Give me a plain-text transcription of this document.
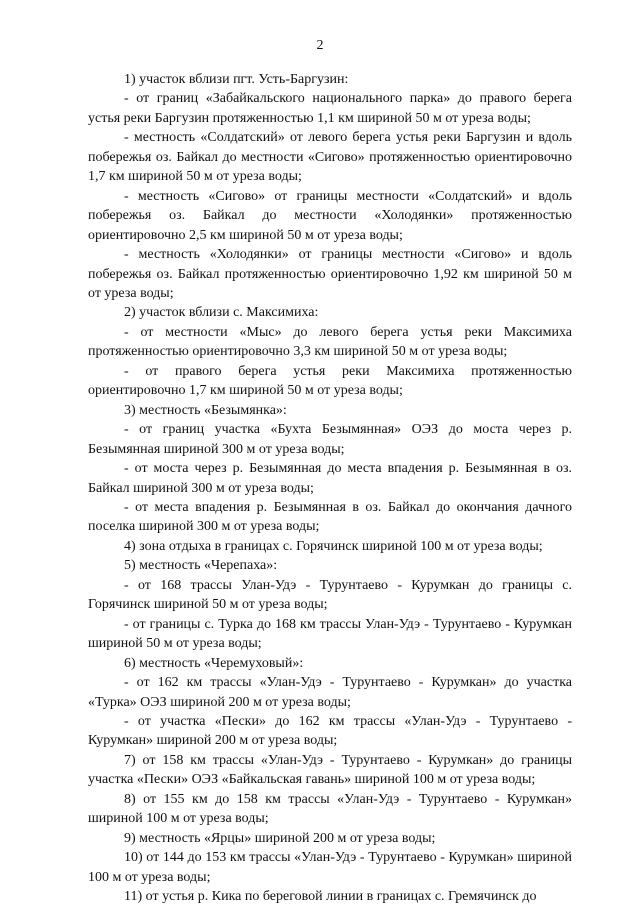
2

1) участок вблизи пгт. Усть-Баргузин:

- от границ «Забайкальского национального парка» до правого берега устья реки Баргузин протяженностью 1,1 км шириной 50 м от уреза воды;

- местность «Солдатский» от левого берега устья реки Баргузин и вдоль побережья оз. Байкал до местности «Сигово» протяженностью ориентировочно 1,7 км шириной 50 м от уреза воды;

- местность «Сигово» от границы местности «Солдатский» и вдоль побережья оз. Байкал до местности «Холодянки» протяженностью ориентировочно 2,5 км шириной 50 м от уреза воды;

- местность «Холодянки» от границы местности «Сигово» и вдоль побережья оз. Байкал протяженностью ориентировочно 1,92 км шириной 50 м от уреза воды;

2) участок вблизи с. Максимиха:

- от местности «Мыс» до левого берега устья реки Максимиха протяженностью ориентировочно 3,3 км шириной 50 м от уреза воды;

- от правого берега устья реки Максимиха протяженностью ориентировочно 1,7 км шириной 50 м от уреза воды;

3) местность «Безымянка»:

- от границ участка «Бухта Безымянная» ОЭЗ до моста через р. Безымянная шириной 300 м от уреза воды;

- от моста через р. Безымянная до места впадения р. Безымянная в оз. Байкал шириной 300 м от уреза воды;

- от места впадения р. Безымянная в оз. Байкал до окончания дачного поселка шириной 300 м от уреза воды;

4) зона отдыха в границах с. Горячинск шириной 100 м от уреза воды;

5) местность «Черепаха»:

- от 168 трассы Улан-Удэ - Турунтаево - Курумкан до границы с. Горячинск шириной 50 м от уреза воды;

- от границы с. Турка до 168 км трассы Улан-Удэ - Турунтаево - Курумкан шириной 50 м от уреза воды;

6) местность «Черемуховый»:

- от 162 км трассы «Улан-Удэ - Турунтаево - Курумкан» до участка «Турка» ОЭЗ шириной 200 м от уреза воды;

- от участка «Пески» до 162 км трассы «Улан-Удэ - Турунтаево - Курумкан» шириной 200 м от уреза воды;

7) от 158 км трассы «Улан-Удэ - Турунтаево - Курумкан» до границы участка «Пески» ОЭЗ «Байкальская гавань» шириной 100 м от уреза воды;

8) от 155 км до 158 км трассы «Улан-Удэ - Турунтаево - Курумкан» шириной 100 м от уреза воды;

9) местность «Ярцы» шириной 200 м от уреза воды;

10) от 144 до 153 км трассы «Улан-Удэ - Турунтаево - Курумкан» шириной 100 м от уреза воды;

11) от устья р. Кика по береговой линии в границах с. Гремячинск до
